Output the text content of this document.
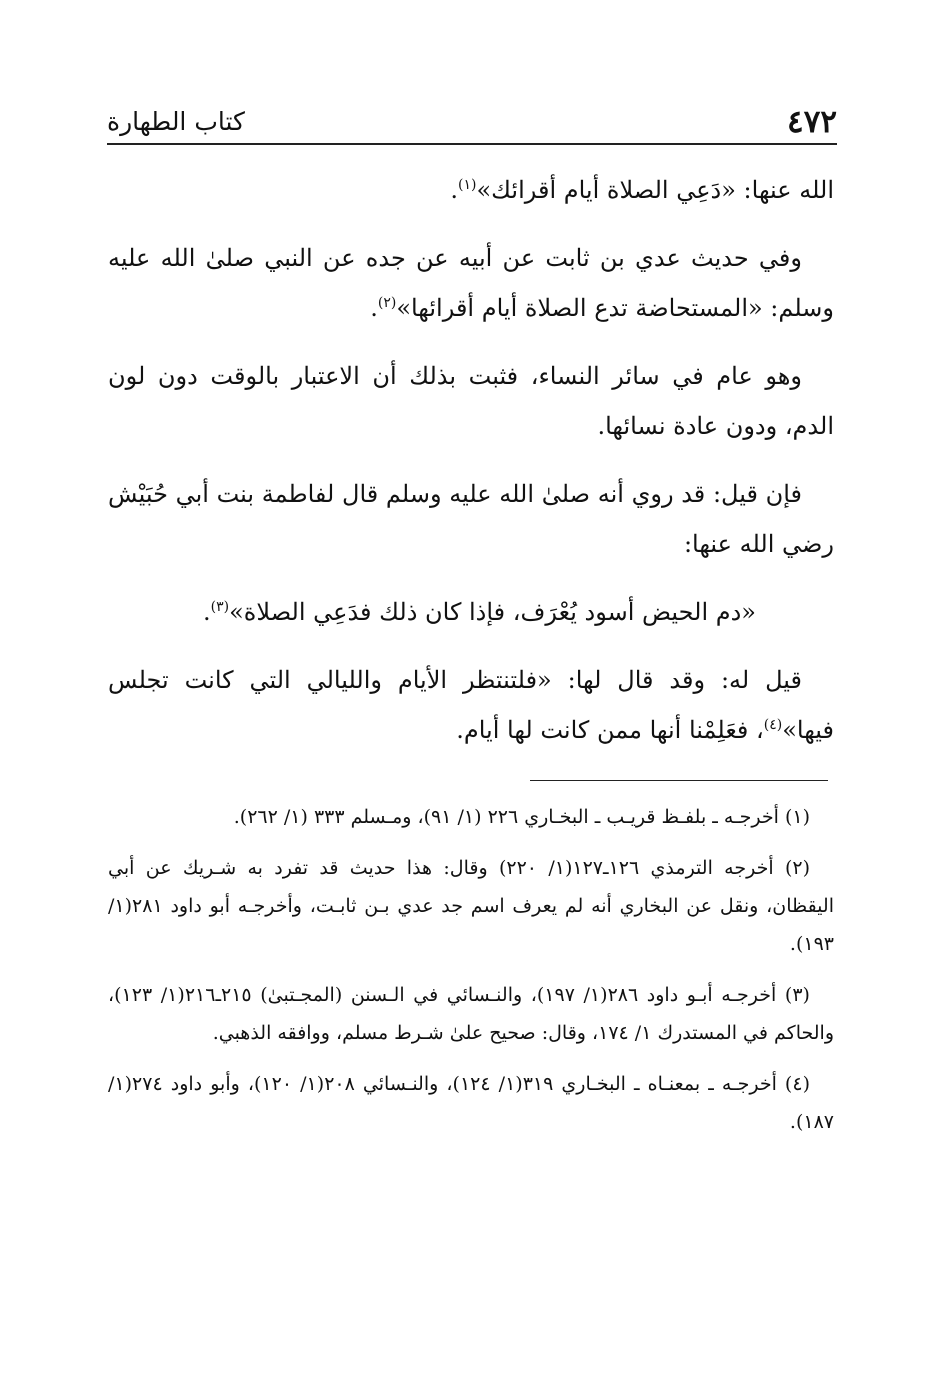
٤٧٢
كتاب الطهارة

الله عنها: «دَعِي الصلاة أيام أقرائك»$^{(١)}$.

وفي حديث عدي بن ثابت عن أبيه عن جده عن النبي صلىٰ الله عليه وسلم: «المستحاضة تدع الصلاة أيام أقرائها»$^{(٢)}$.

وهو عام في سائر النساء، فثبت بذلك أن الاعتبار بالوقت دون لون الدم، ودون عادة نسائها.

فإن قيل: قد روي أنه صلىٰ الله عليه وسلم قال لفاطمة بنت أبي حُبَيْش رضي الله عنها:

«دم الحيض أسود يُعْرَف، فإذا كان ذلك فدَعِي الصلاة»$^{(٣)}$.

قيل له: وقد قال لها: «فلتنتظر الأيام والليالي التي كانت تجلس فيها»$^{(٤)}$، فعَلِمْنا أنها ممن كانت لها أيام.

(١) أخرجـه ـ بلفـظ قريـب ـ البخـاري ٢٢٦ (١/ ٩١)، ومـسلم ٣٣٣ (١/ ٢٦٢).

(٢) أخرجه الترمذي ١٢٦ـ١٢٧(١/ ٢٢٠) وقال: هذا حديث قد تفرد به شـريك عن أبي اليقظان، ونقل عن البخاري أنه لم يعرف اسم جد عدي بـن ثابـت، وأخرجـه أبو داود ٢٨١(١/ ١٩٣).

(٣) أخرجـه أبـو داود ٢٨٦(١/ ١٩٧)، والنـسائي في الـسنن (المجـتبىٰ) ٢١٥ـ٢١٦(١/ ١٢٣)، والحاكم في المستدرك ١/ ١٧٤، وقال: صحيح علىٰ شـرط مسلم، ووافقه الذهبي.

(٤) أخرجـه ـ بمعنـاه ـ البخـاري ٣١٩(١/ ١٢٤)، والنـسائي ٢٠٨(١/ ١٢٠)، وأبو داود ٢٧٤(١/ ١٨٧).
